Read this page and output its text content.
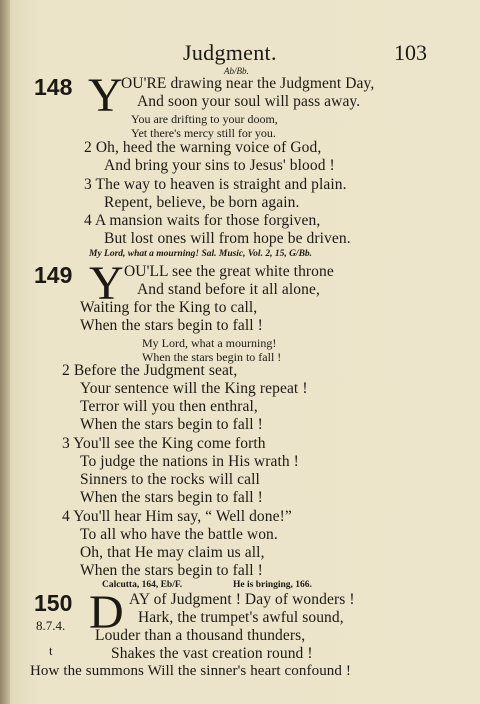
Judgment.	103
Ab/Bb.
148 Y
OU'RE drawing near the Judgment Day,
And soon your soul will pass away.
You are drifting to your doom,
Yet there's mercy still for you.
2 Oh, heed the warning voice of God,
And bring your sins to Jesus' blood !
3 The way to heaven is straight and plain.
Repent, believe, be born again.
4 A mansion waits for those forgiven,
But lost ones will from hope be driven.
My Lord, what a mourning! Sal. Music, Vol. 2, 15, G/Bb.
149 Y OU'LL see the great white throne
And stand before it all alone,
Waiting for the King to call,
When the stars begin to fall !
My Lord, what a mourning!
When the stars begin to fall !
2 Before the Judgment seat,
Your sentence will the King repeat !
Terror will you then enthral,
When the stars begin to fall !
3 You'll see the King come forth
To judge the nations in His wrath !
Sinners to the rocks will call
When the stars begin to fall !
4 You'll hear Him say, “ Well done!”
To all who have the battle won.
Oh, that He may claim us all,
When the stars begin to fall !
Calcutta, 164, Eb/F.	He is bringing, 166.
150
8.7.4. D AY of Judgment ! Day of wonders !
Hark, the trumpet's awful sound,
Louder than a thousand thunders,
t	Shakes the vast creation round !
How the summons Will the sinner's heart confound !
